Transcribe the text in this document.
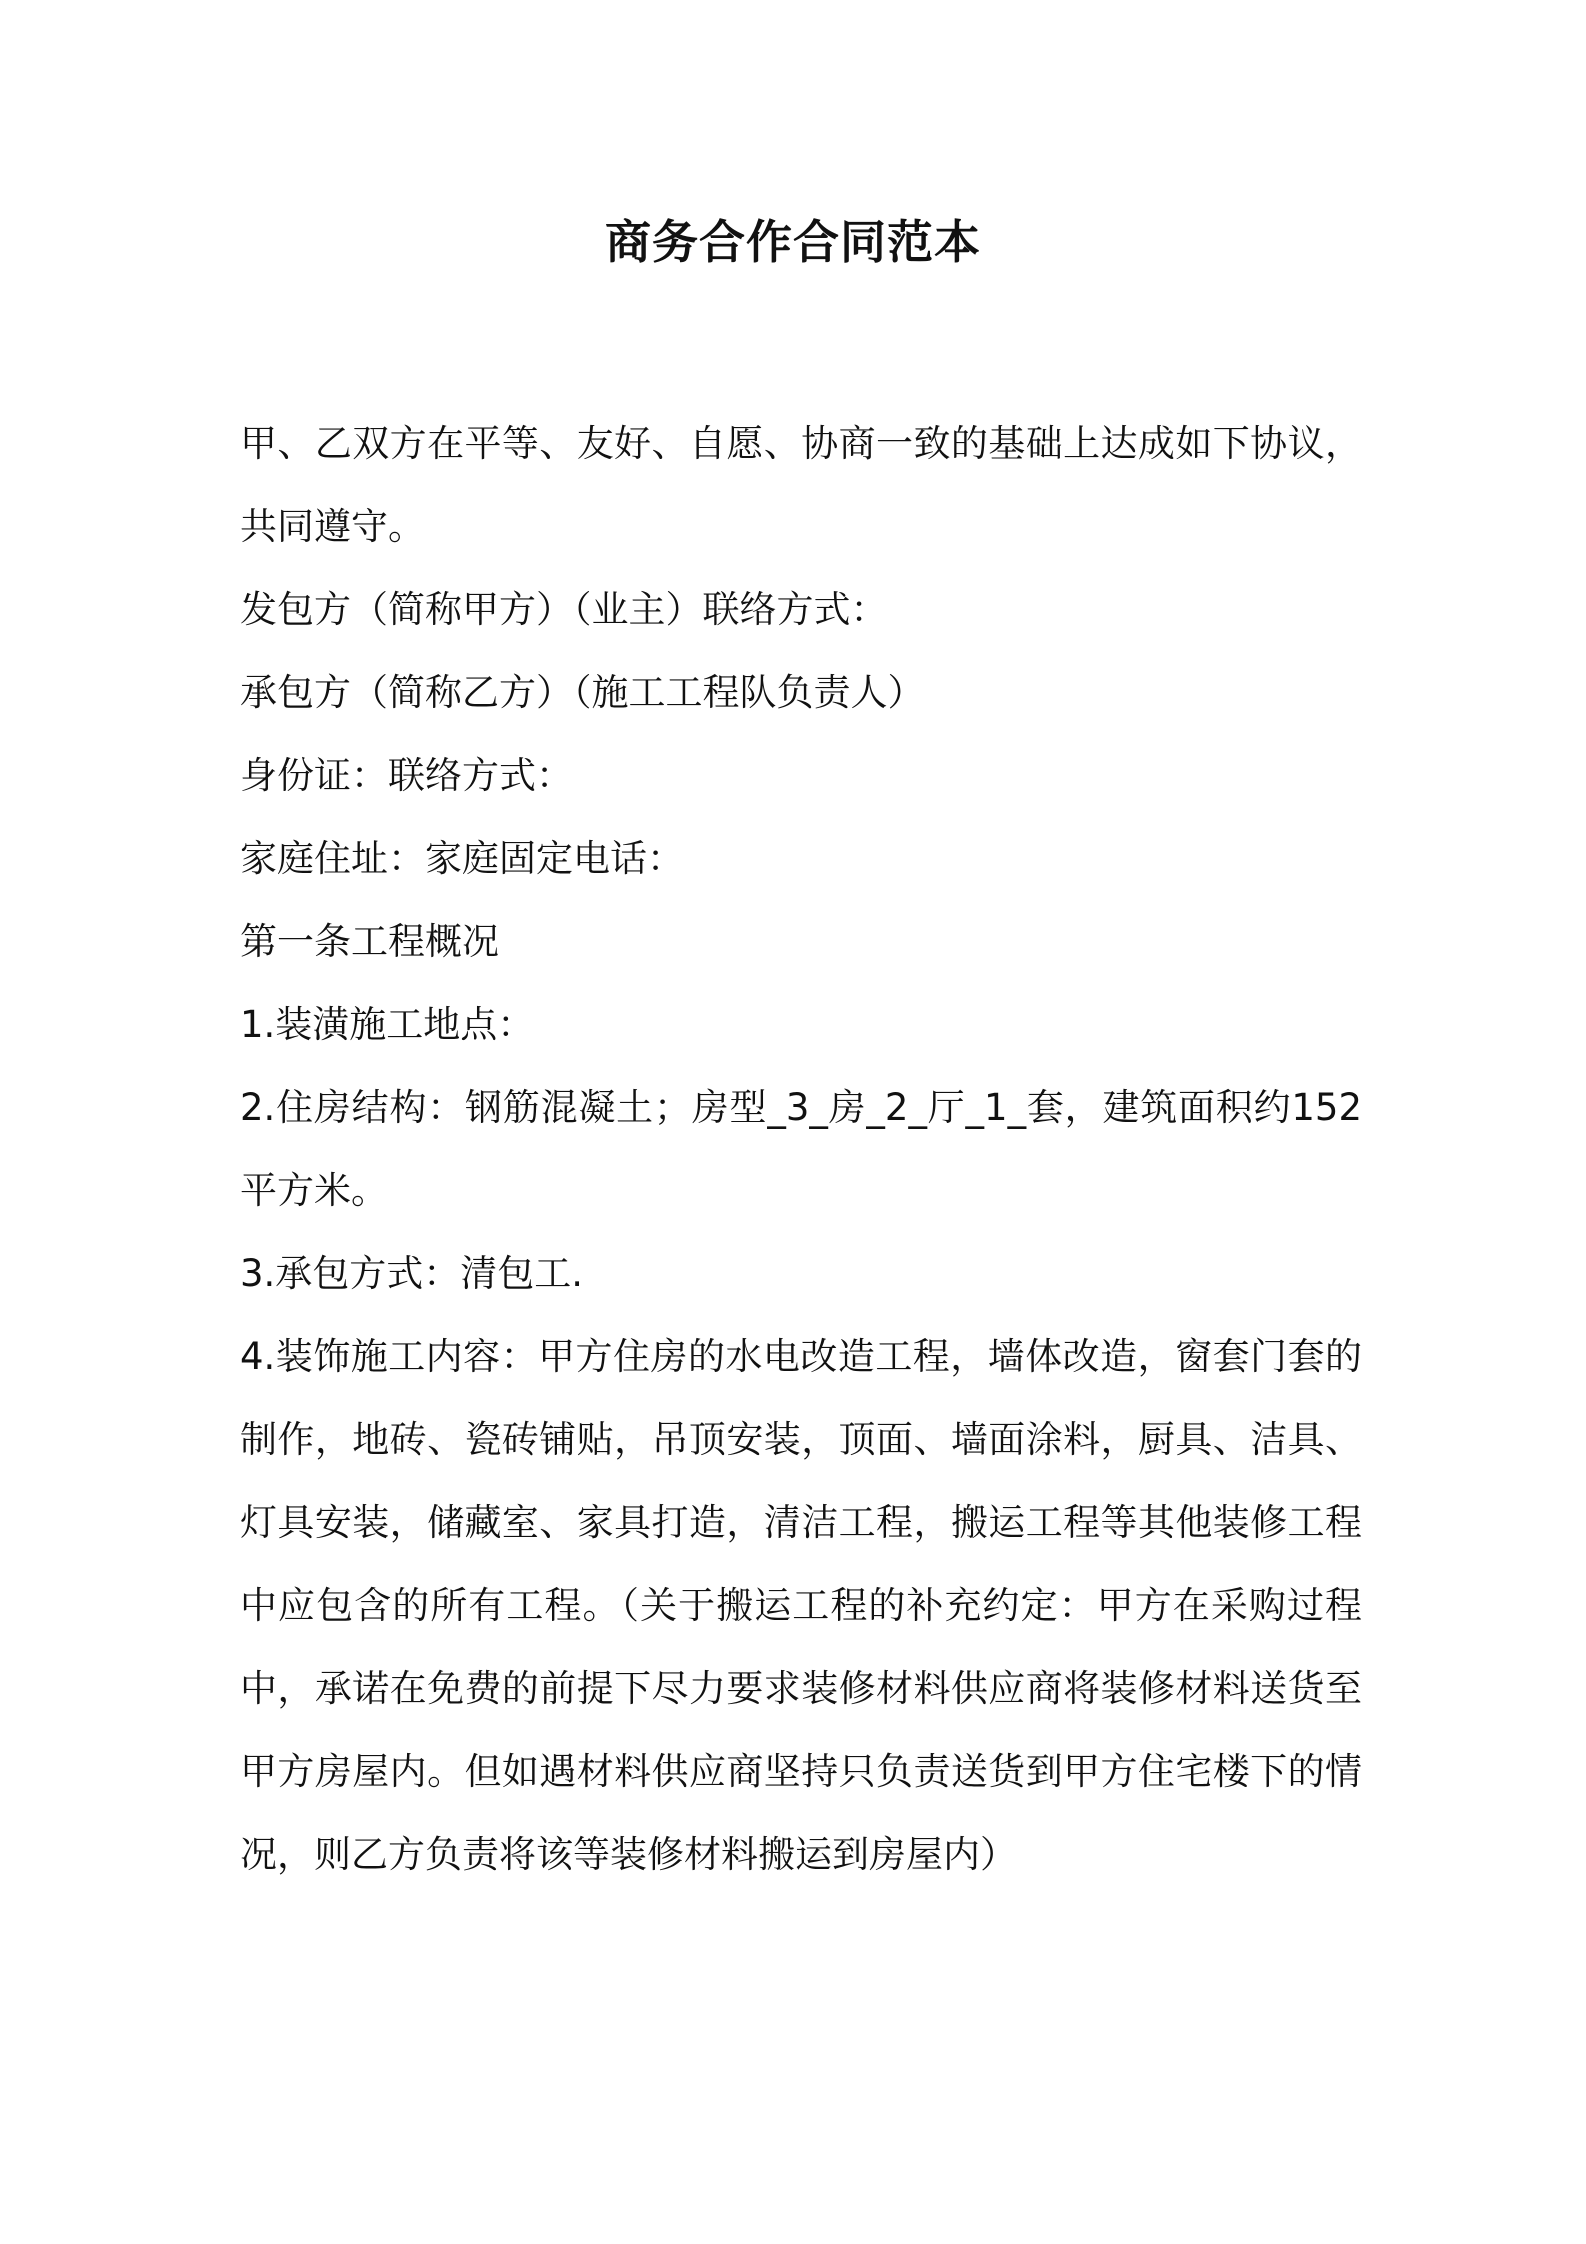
商务合作合同范本

甲、乙双方在平等、友好、自愿、协商一致的基础上达成如下协议，共同遵守。

发包方（简称甲方）（业主）联络方式：

承包方（简称乙方）（施工工程队负责人）

身份证：联络方式：

家庭住址：家庭固定电话：

第一条工程概况

1.装潢施工地点：

2.住房结构：钢筋混凝土；房型_3_房_2_厅_1_套，建筑面积约152 平方米。

3.承包方式：清包工.

4.装饰施工内容：甲方住房的水电改造工程，墙体改造，窗套门套的制作，地砖、瓷砖铺贴，吊顶安装，顶面、墙面涂料，厨具、洁具、灯具安装，储藏室、家具打造，清洁工程，搬运工程等其他装修工程中应包含的所有工程。（关于搬运工程的补充约定：甲方在采购过程中，承诺在免费的前提下尽力要求装修材料供应商将装修材料送货至甲方房屋内。但如遇材料供应商坚持只负责送货到甲方住宅楼下的情况，则乙方负责将该等装修材料搬运到房屋内）
